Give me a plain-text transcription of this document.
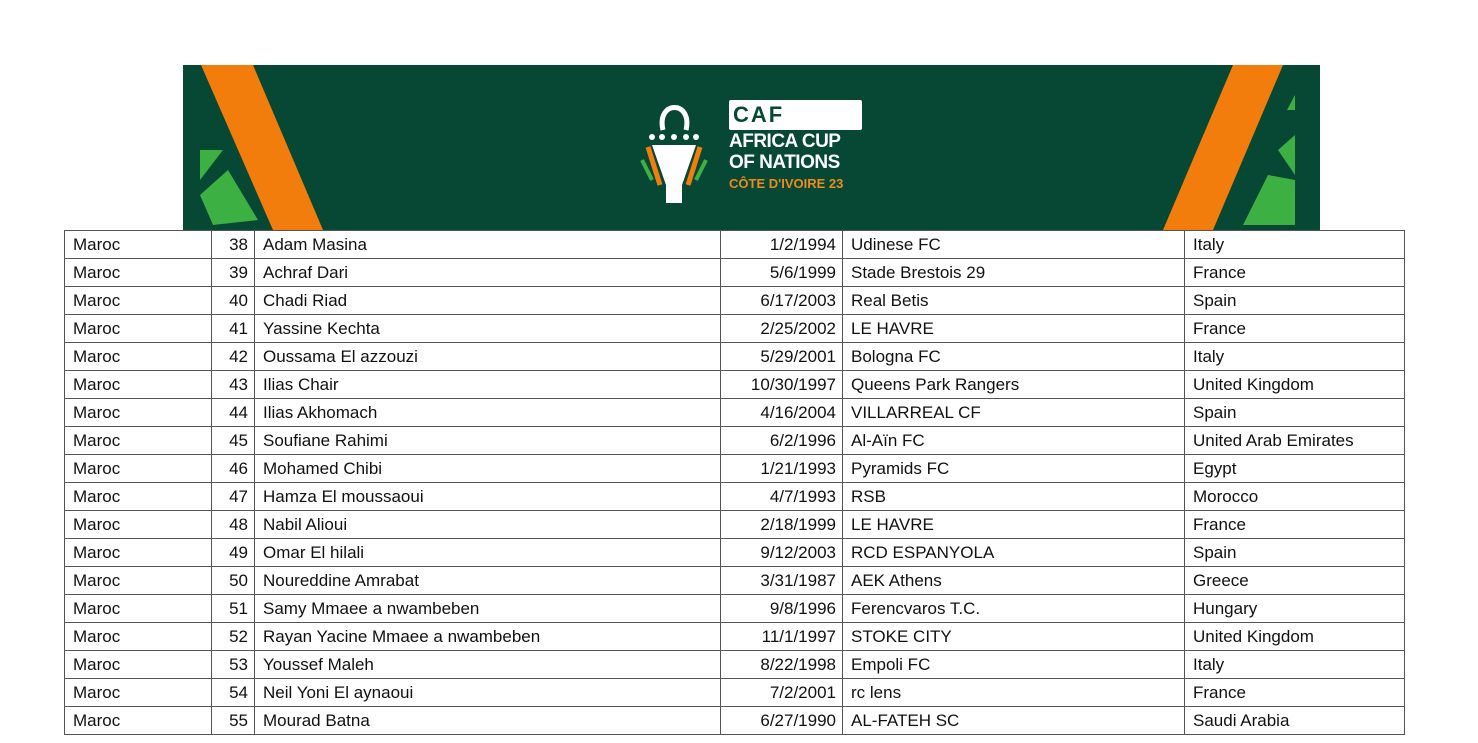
CAF
AFRICA CUP
OF NATIONS
CÔTE D'IVOIRE 23
Maroc	38	Adam Masina	1/2/1994	Udinese FC	Italy
Maroc	39	Achraf Dari	5/6/1999	Stade Brestois 29	France
Maroc	40	Chadi Riad	6/17/2003	Real Betis	Spain
Maroc	41	Yassine Kechta	2/25/2002	LE HAVRE	France
Maroc	42	Oussama El azzouzi	5/29/2001	Bologna FC	Italy
Maroc	43	Ilias Chair	10/30/1997	Queens Park Rangers	United Kingdom
Maroc	44	Ilias Akhomach	4/16/2004	VILLARREAL CF	Spain
Maroc	45	Soufiane Rahimi	6/2/1996	Al-Aïn FC	United Arab Emirates
Maroc	46	Mohamed Chibi	1/21/1993	Pyramids FC	Egypt
Maroc	47	Hamza El moussaoui	4/7/1993	RSB	Morocco
Maroc	48	Nabil Alioui	2/18/1999	LE HAVRE	France
Maroc	49	Omar El hilali	9/12/2003	RCD ESPANYOLA	Spain
Maroc	50	Noureddine Amrabat	3/31/1987	AEK Athens	Greece
Maroc	51	Samy Mmaee a nwambeben	9/8/1996	Ferencvaros T.C.	Hungary
Maroc	52	Rayan Yacine Mmaee a nwambeben	11/1/1997	STOKE CITY	United Kingdom
Maroc	53	Youssef Maleh	8/22/1998	Empoli FC	Italy
Maroc	54	Neil Yoni El aynaoui	7/2/2001	rc lens	France
Maroc	55	Mourad Batna	6/27/1990	AL-FATEH SC	Saudi Arabia
